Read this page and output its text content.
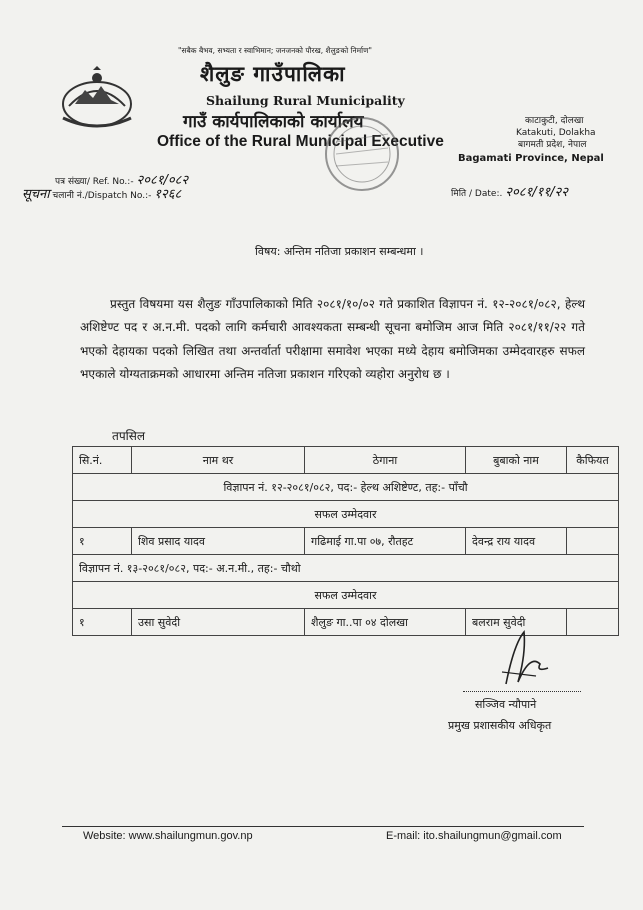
"सबैक बैभव, सभ्यता र स्वाभिमान; जनजनको पौरख, शैलुङको निर्माण"
शैलुङ गाउँपालिका
Shailung Rural Municipality
गाउँ कार्यपालिकाको कार्यालय
Office of the Rural Municipal Executive
काटाकुटी, दोलखा
Katakuti, Dolakha
बागमती प्रदेश, नेपाल
Bagamati Province, Nepal
पत्र संख्या/ Ref. No.:- २०८१/०८२
सूचना चलानी नं./Dispatch No.:- १२६८	मिति / Date:. २०८१/११/२२
विषय: अन्तिम नतिजा प्रकाशन सम्बन्धमा ।

प्रस्तुत विषयमा यस शैलुङ गाँउपालिकाको मिति २०८१/१०/०२ गते प्रकाशित विज्ञापन नं. १२-२०८१/०८२, हेल्थ अशिष्टेण्ट पद र अ.न.मी. पदको लागि कर्मचारी आवश्यकता सम्बन्धी सूचना बमोजिम आज मिति २०८१/११/२२ गते भएको देहायका पदको लिखित तथा अन्तर्वार्ता परीक्षामा समावेश भएका मध्ये देहाय बमोजिमका उम्मेदवारहरु सफल भएकाले योग्यताक्रमको आधारमा अन्तिम नतिजा प्रकाशन गरिएको व्यहोरा अनुरोध छ ।

तपसिल
सि.नं.	नाम थर	ठेगाना	बुबाको नाम	कैफियत
विज्ञापन नं. १२-२०८१/०८२, पद:- हेल्थ अशिष्टेण्ट, तह:- पाँचौ				
सफल उम्मेदवार				
१	शिव प्रसाद यादव	गढिमाई गा.पा ०७, रौतहट	देवन्द्र राय यादव	
विज्ञापन नं. १३-२०८१/०८२, पद:- अ.न.मी., तह:- चौथो				
सफल उम्मेदवार				
१	उसा सुवेदी	शैलुङ गा..पा ०४ दोलखा	बलराम सुवेदी	
सञ्जिव न्यौपाने
प्रमुख प्रशासकीय अधिकृत
Website: www.shailungmun.gov.np	E-mail: ito.shailungmun@gmail.com
